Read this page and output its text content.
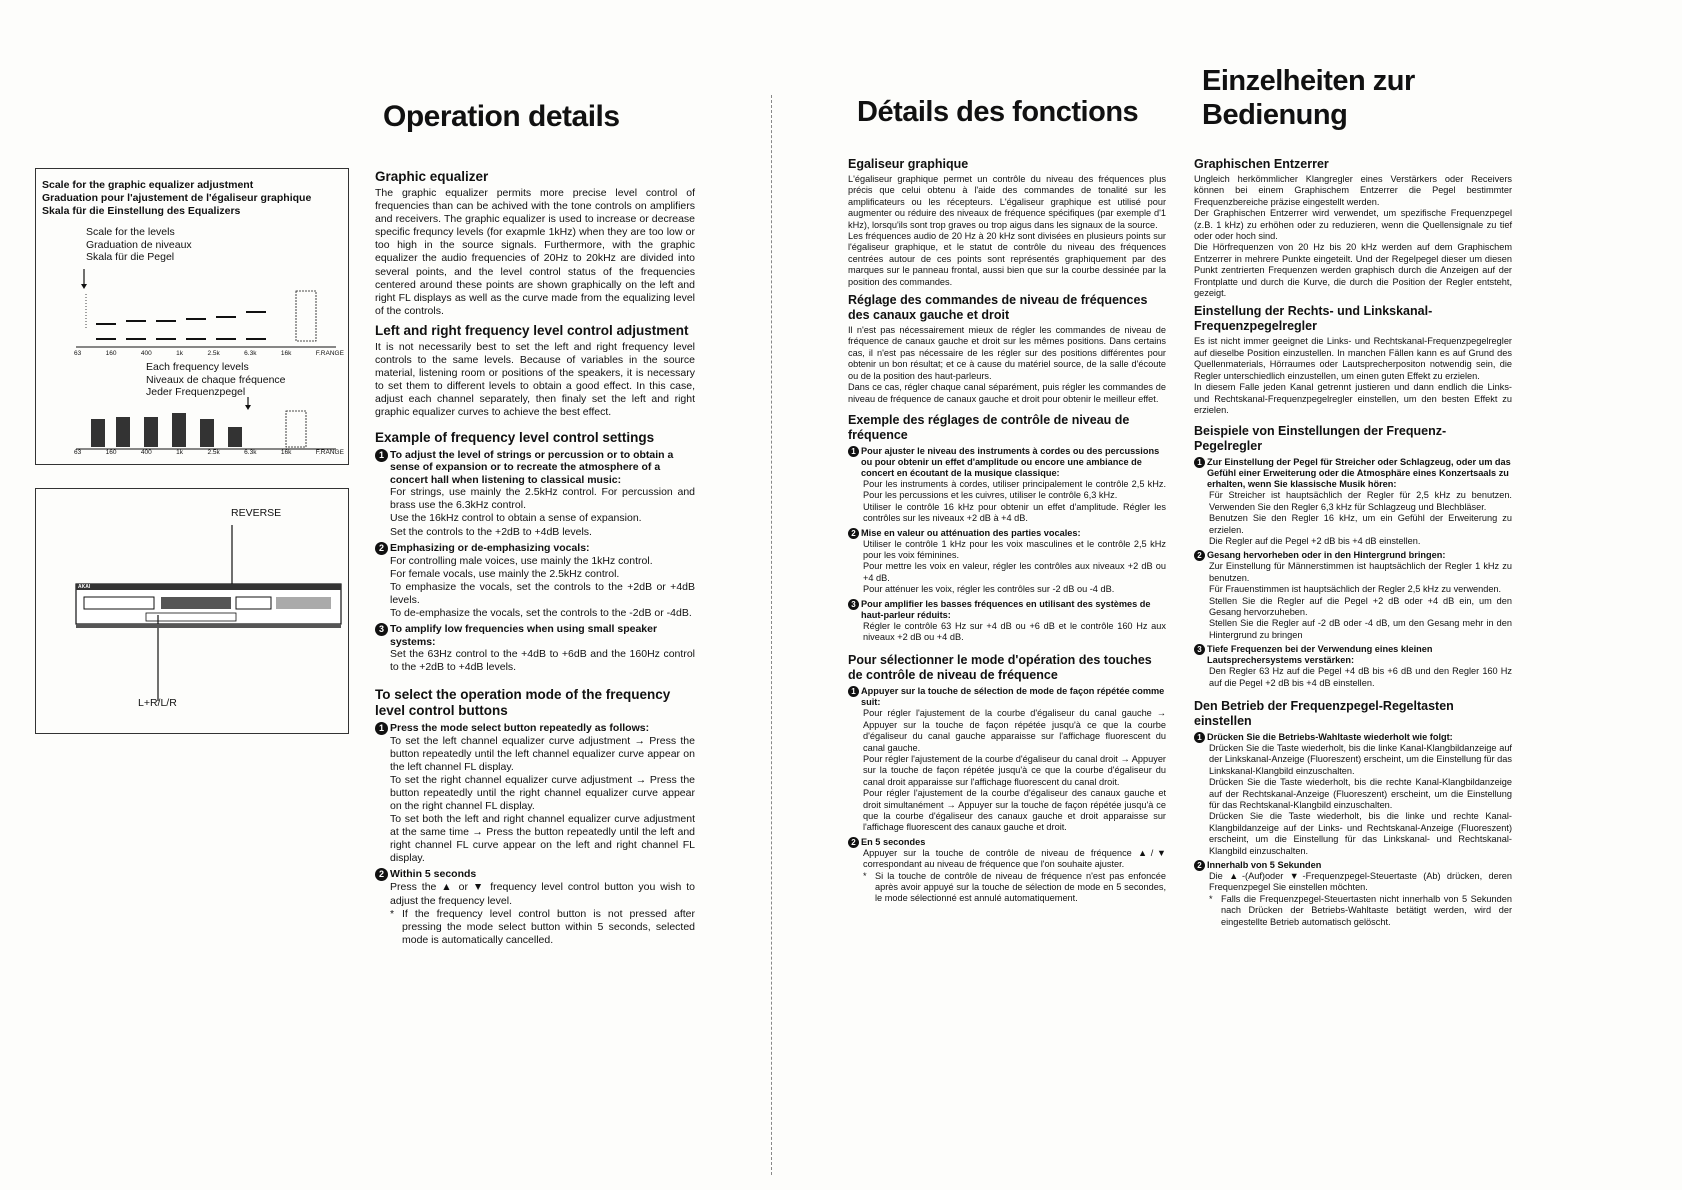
Scale for the graphic equalizer adjustment
Graduation pour l'ajustement de l'égaliseur graphique
Skala für die Einstellung des Equalizers
Scale for the levels
Graduation de niveaux
Skala für die Pegel
63	160	400	1k	2.5k	6.3k	16k	F.RANGE
Each frequency levels
Niveaux de chaque fréquence
Jeder Frequenzpegel
63	160	400	1k	2.5k	6.3k	16k	F.RANGE
REVERSE
L+R/L/R
AKAI
Operation details
Graphic equalizer

The graphic equalizer permits more precise level control of frequencies than can be achived with the tone controls on amplifiers and receivers. The graphic equalizer is used to increase or decrease specific frequncy levels (for exapmle 1kHz) when they are too low or too high in the source signals. Furthermore, with the graphic equalizer the audio frequencies of 20Hz to 20kHz are divided into several points, and the level control status of the frequencies centered around these points are shown graphically on the left and right FL displays as well as the curve made from the equalizing level of the controls.

Left and right frequency level control adjustment

It is not necessarily best to set the left and right frequency level controls to the same levels. Because of variables in the source material, listening room or positions of the speakers, it is necessary to set them to different levels to obtain a good effect. In this case, adjust each channel separately, then finaly set the left and right graphic equalizer curves to achieve the best effect.

Example of frequency level control settings
1 To adjust the level of strings or percussion or to obtain a sense of expansion or to recreate the atmosphere of a concert hall when listening to classical music:

For strings, use mainly the 2.5kHz control. For percussion and brass use the 6.3kHz control.
Use the 16kHz control to obtain a sense of expansion.
Set the controls to the +2dB to +4dB levels.

2 Emphasizing or de-emphasizing vocals:

For controlling male voices, use mainly the 1kHz control.
For female vocals, use mainly the 2.5kHz control.
To emphasize the vocals, set the controls to the +2dB or +4dB levels.
To de-emphasize the vocals, set the controls to the -2dB or -4dB.

3 To amplify low frequencies when using small speaker systems:

Set the 63Hz control to the +4dB to +6dB and the 160Hz control to the +2dB to +4dB levels.

To select the operation mode of the frequency level control buttons
1 Press the mode select button repeatedly as follows:

To set the left channel equalizer curve adjustment → Press the button repeatedly until the left channel equalizer curve appear on the left channel FL display.
To set the right channel equalizer curve adjustment → Press the button repeatedly until the right channel equalizer curve appear on the right channel FL display.
To set both the left and right channel equalizer curve adjustment at the same time → Press the button repeatedly until the left and right channel FL curve appear on the left and right channel FL display.

2 Within 5 seconds

Press the ▲ or ▼ frequency level control button you wish to adjust the frequency level.

* If the frequency level control button is not pressed after pressing the mode select button within 5 seconds, selected mode is automatically cancelled.
Détails des fonctions
Egaliseur graphique

L'égaliseur graphique permet un contrôle du niveau des fréquences plus précis que celui obtenu à l'aide des commandes de tonalité sur les amplificateurs ou les récepteurs. L'égaliseur graphique est utilisé pour augmenter ou réduire des niveaux de fréquence spécifiques (par exemple d'1 kHz), lorsqu'ils sont trop graves ou trop aigus dans les signaux de la source.
Les fréquences audio de 20 Hz à 20 kHz sont divisées en plusieurs points sur l'égaliseur graphique, et le statut de contrôle du niveau des fréquences centrées autour de ces points sont représentés graphiquement par des marques sur le panneau frontal, aussi bien que sur la courbe dessinée par la position des commandes.

Réglage des commandes de niveau de fréquences des canaux gauche et droit

Il n'est pas nécessairement mieux de régler les commandes de niveau de fréquence de canaux gauche et droit sur les mêmes positions. Dans certains cas, il n'est pas nécessaire de les régler sur des positions différentes pour obtenir un bon résultat; et ce à cause du matériel source, de la salle d'écoute ou de la position des haut-parleurs.
Dans ce cas, régler chaque canal séparément, puis régler les commandes de niveau de fréquence de canaux gauche et droit pour obtenir le meilleur effet.

Exemple des réglages de contrôle de niveau de fréquence
1 Pour ajuster le niveau des instruments à cordes ou des percussions ou pour obtenir un effet d'amplitude ou encore une ambiance de concert en écoutant de la musique classique:

Pour les instruments à cordes, utiliser principalement le contrôle 2,5 kHz. Pour les percussions et les cuivres, utiliser le contrôle 6,3 kHz.
Utiliser le contrôle 16 kHz pour obtenir un effet d'amplitude. Régler les contrôles sur les niveaux +2 dB à +4 dB.

2 Mise en valeur ou atténuation des parties vocales:

Utiliser le contrôle 1 kHz pour les voix masculines et le contrôle 2,5 kHz pour les voix féminines.
Pour mettre les voix en valeur, régler les contrôles aux niveaux +2 dB ou +4 dB.
Pour atténuer les voix, régler les contrôles sur -2 dB ou -4 dB.

3 Pour amplifier les basses fréquences en utilisant des systèmes de haut-parleur réduits:

Régler le contrôle 63 Hz sur +4 dB ou +6 dB et le contrôle 160 Hz aux niveaux +2 dB ou +4 dB.

Pour sélectionner le mode d'opération des touches de contrôle de niveau de fréquence
1 Appuyer sur la touche de sélection de mode de façon répétée comme suit:

Pour régler l'ajustement de la courbe d'égaliseur du canal gauche → Appuyer sur la touche de façon répétée jusqu'à ce que la courbe d'égaliseur du canal gauche apparaisse sur l'affichage fluorescent du canal gauche.
Pour régler l'ajustement de la courbe d'égaliseur du canal droit → Appuyer sur la touche de façon répétée jusqu'à ce que la courbe d'égaliseur du canal droit apparaisse sur l'affichage fluorescent du canal droit.
Pour régler l'ajustement de la courbe d'égaliseur des canaux gauche et droit simultanément → Appuyer sur la touche de façon répétée jusqu'à ce que la courbe d'égaliseur des canaux gauche et droit apparaisse sur l'affichage fluorescent des canaux gauche et droit.

2 En 5 secondes

Appuyer sur la touche de contrôle de niveau de fréquence ▲/▼ correspondant au niveau de fréquence que l'on souhaite ajuster.

* Si la touche de contrôle de niveau de fréquence n'est pas enfoncée après avoir appuyé sur la touche de sélection de mode en 5 secondes, le mode sélectionné est annulé automatiquement.
Einzelheiten zur Bedienung
Graphischen Entzerrer

Ungleich herkömmlicher Klangregler eines Verstärkers oder Receivers können bei einem Graphischem Entzerrer die Pegel bestimmter Frequenzbereiche präzise eingestellt werden.
Der Graphischen Entzerrer wird verwendet, um spezifische Frequenzpegel (z.B. 1 kHz) zu erhöhen oder zu reduzieren, wenn die Quellensignale zu tief oder oder hoch sind.
Die Hörfrequenzen von 20 Hz bis 20 kHz werden auf dem Graphischem Entzerrer in mehrere Punkte eingeteilt. Und der Regelpegel dieser um diesen Punkt zentrierten Frequenzen werden graphisch durch die Anzeigen auf der Frontplatte und durch die Kurve, die durch die Position der Regler entsteht, gezeigt.

Einstellung der Rechts- und Linkskanal-Frequenzpegelregler

Es ist nicht immer geeignet die Links- und Rechtskanal-Frequenzpegelregler auf dieselbe Position einzustellen. In manchen Fällen kann es auf Grund des Quellenmaterials, Hörraumes oder Lautsprecherpositon notwendig sein, die Regler unterschiedlich einzustellen, um einen guten Effekt zu erzielen.
In diesem Falle jeden Kanal getrennt justieren und dann endlich die Links- und Rechtskanal-Frequenzpegelregler einstellen, um den besten Effekt zu erzielen.

Beispiele von Einstellungen der Frequenz-Pegelregler
1 Zur Einstellung der Pegel für Streicher oder Schlagzeug, oder um das Gefühl einer Erweiterung oder die Atmosphäre eines Konzertsaals zu erhalten, wenn Sie klassische Musik hören:

Für Streicher ist hauptsächlich der Regler für 2,5 kHz zu benutzen. Verwenden Sie den Regler 6,3 kHz für Schlagzeug und Blechbläser.
Benutzen Sie den Regler 16 kHz, um ein Gefühl der Erweiterung zu erzielen.
Die Regler auf die Pegel +2 dB bis +4 dB einstellen.

2 Gesang hervorheben oder in den Hintergrund bringen:

Zur Einstellung für Männerstimmen ist hauptsächlich der Regler 1 kHz zu benutzen.
Für Frauenstimmen ist hauptsächlich der Regler 2,5 kHz zu verwenden.
Stellen Sie die Regler auf die Pegel +2 dB oder +4 dB ein, um den Gesang hervorzuheben.
Stellen Sie die Regler auf -2 dB oder -4 dB, um den Gesang mehr in den Hintergrund zu bringen

3 Tiefe Frequenzen bei der Verwendung eines kleinen Lautsprechersystems verstärken:

Den Regler 63 Hz auf die Pegel +4 dB bis +6 dB und den Regler 160 Hz auf die Pegel +2 dB bis +4 dB einstellen.

Den Betrieb der Frequenzpegel-Regeltasten einstellen
1 Drücken Sie die Betriebs-Wahltaste wiederholt wie folgt:

Drücken Sie die Taste wiederholt, bis die linke Kanal-Klangbildanzeige auf der Linkskanal-Anzeige (Fluoreszent) erscheint, um die Einstellung für das Linkskanal-Klangbild einzuschalten.
Drücken Sie die Taste wiederholt, bis die rechte Kanal-Klangbildanzeige auf der Rechtskanal-Anzeige (Fluoreszent) erscheint, um die Einstellung für das Rechtskanal-Klangbild einzuschalten.
Drücken Sie die Taste wiederholt, bis die linke und rechte Kanal-Klangbildanzeige auf der Links- und Rechtskanal-Anzeige (Fluoreszent) erscheint, um die Einstellung für das Linkskanal- und Rechtskanal-Klangbild einzuschalten.

2 Innerhalb von 5 Sekunden

Die ▲-(Auf)oder ▼-Frequenzpegel-Steuertaste (Ab) drücken, deren Frequenzpegel Sie einstellen möchten.

* Falls die Frequenzpegel-Steuertasten nicht innerhalb von 5 Sekunden nach Drücken der Betriebs-Wahltaste betätigt werden, wird der eingestellte Betrieb automatisch gelöscht.
